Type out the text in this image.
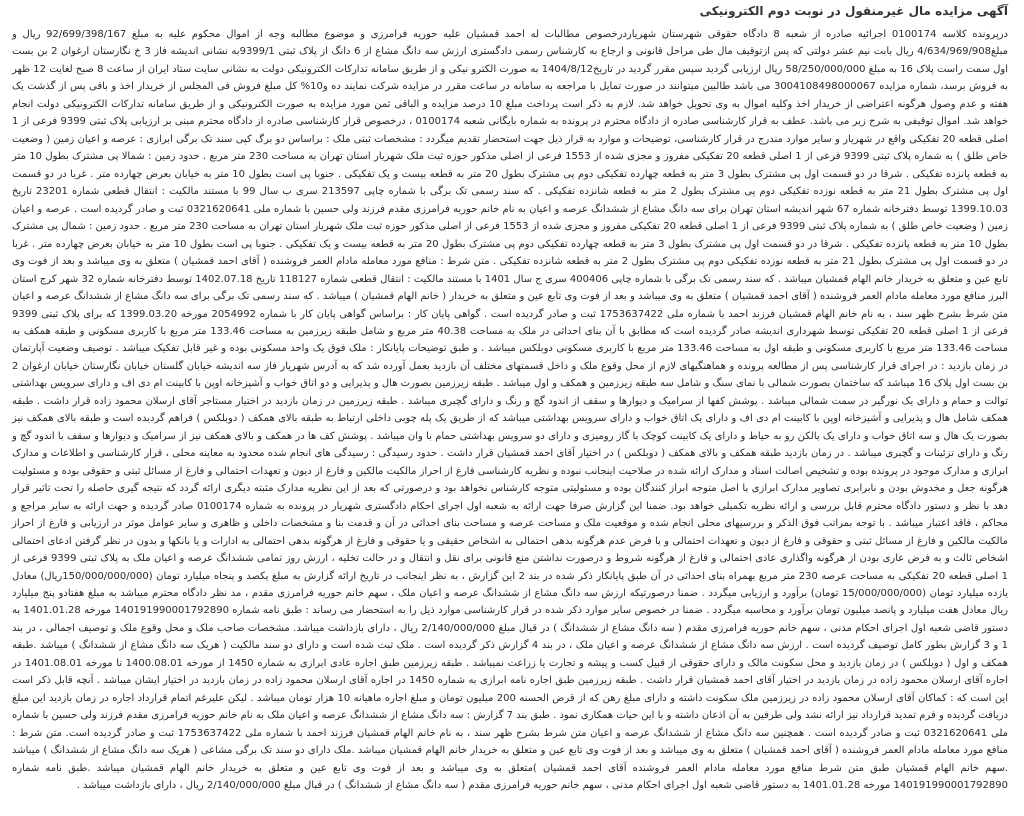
آگهی مزایده مال غیرمنقول در نوبت دوم الکترونیکی
درپرونده کلاسه 0100174 اجرائیه صادره از شعبه 8 دادگاه حقوقی شهرستان شهریاردرخصوص مطالبات له احمد قمشیان علیه حوریه فرامرزی و موضوع مطالبه وجه از اموال محکوم علیه به مبلغ 92/699/398/167 ریال و مبلغ4/634/969/908 ریال بابت نیم عشر دولتی که پس ازتوقیف مال طی مراحل قانونی و ارجاع به کارشناس رسمی دادگستری ارزش سه دانگ مشاع از 6 دانگ از پلاک ثبتی 9399/1به نشانی اندیشه فاز 3 خ نگارستان ارغوان 2 بن بست اول سمت راست پلاک 16 به مبلغ 58/250/000/000 ریال ارزیابی گردید سپس مقرر گردید در تاریخ1404/8/12 به صورت الکترو نیکی و از طریق سامانه تدارکات الکترونیکی دولت به نشانی سایت ستاد ایران از ساعت 8 صبح لغایت 12 ظهر به فروش برسد، شماره مزایده 3004108498000067 می باشد طالبین میتوانند در صورت تمایل با مراجعه به سامانه در ساعت مقرر در مزایده شرکت نمایند ده و10% کل مبلغ فروش فی المجلس از خریدار اخذ و باقی پس از گذشت یک هفته و عدم وصول هرگونه اعتراضی از خریدار اخذ وکلیه اموال به وی تحویل خواهد شد. لازم به ذکر است پرداخت مبلغ 10 درصد مزایده و الباقی ثمن مورد مزایده به صورت الکترونیکی و از طریق سامانه تدارکات الکترونیکی دولت انجام خواهد شد. اموال توقیفی به شرح زیر می باشد. عطف به قرار کارشناسی صادره از دادگاه محترم در پرونده به شماره بایگانی شعبه 0100174 ، درخصوص قرار کارشناسی صادره از دادگاه محترم مبنی بر ارزیابی پلاک ثبتی 9399 فرعی از 1 اصلی قطعه 20 تفکیکی واقع در شهریار و سایر موارد مندرج در قرار کارشناسی، توضیحات و موارد به قرار ذیل جهت استحضار تقدیم میگردد : مشخصات ثبتی ملک : براساس دو برگ کپی سند تک برگی ابرازی : عرصه و اعیان زمین ( وضعیت خاص طلق ) به شماره پلاک ثبتی 9399 فرعی از 1 اصلی قطعه 20 تفکیکی مفروز و مجزی شده از 1553 فرعی از اصلی مذکور حوزه ثبت ملک شهریار استان تهران به مساحت 230 متر مربع . حدود زمین : شمالا پی مشترک بطول 10 متر به قطعه پانزده تفکیکی . شرقا در دو قسمت اول پی مشترک بطول 3 متر به قطعه چهارده تفکیکی دوم پی مشترک بطول 20 متر به قطعه بیست و یک تفکیکی . جنوبا پی است بطول 10 متر به خیابان بعرض چهارده متر . غربا در دو قسمت اول پی مشترک بطول 21 متر به قطعه نوزده تفکیکی دوم پی مشترک بطول 2 متر به قطعه شانزده تفکیکی . که سند رسمی تک برگی با شماره چاپی 213597 سری ب سال 99 با مستند مالکیت : انتقال قطعی شماره 23201 تاریخ 1399.10.03 توسط دفترخانه شماره 67 شهر اندیشه استان تهران برای سه دانگ مشاع از ششدانگ عرصه و اعیان به نام خانم حوریه فرامرزی مقدم فرزند ولی حسین با شماره ملی 0321620641 ثبت و صادر گردیده است . عرصه و اعیان زمین ( وضعیت خاص طلق ) به شماره پلاک ثبتی 9399 فرعی از 1 اصلی قطعه 20 تفکیکی مفروز و مجزی شده از 1553 فرعی از اصلی مذکور حوزه ثبت ملک شهریار استان تهران به مساحت 230 متر مربع . حدود زمین : شمال پی مشترک بطول 10 متر به قطعه پانزده تفکیکی . شرقا در دو قسمت اول پی مشترک بطول 3 متر به قطعه چهارده تفکیکی دوم پی مشترک بطول 20 متر به قطعه بیست و یک تفکیکی . جنوبا پی است بطول 10 متر به خیابان بعرض چهارده متر . غربا در دو قسمت اول پی مشترک بطول 21 متر به قطعه نوزده تفکیکی دوم پی مشترک بطول 2 متر به قطعه شانزده تفکیکی . متن شرط : منافع مورد معامله مادام العمر فروشنده ( آقای احمد قمشیان ) متعلق به وی میباشد و بعد از فوت وی تابع عین و متعلق به خریدار خانم الهام قمشیان میباشد . که سند رسمی تک برگی با شماره چاپی 400406 سری ج سال 1401 با مستند مالکیت : انتقال قطعی شماره 118127 تاریخ 1402.07.18 توسط دفترخانه شماره 32 شهر کرج استان البرز منافع مورد معامله مادام العمر فروشنده ( آقای احمد قمشیان ) متعلق به وی میباشد و بعد از فوت وی تابع عین و متعلق به خریدار ( خانم الهام قمشیان ) میباشد . که سند رسمی تک برگی برای سه دانگ مشاع از ششدانگ عرصه و اعیان متن شرط بشرح ظهر سند ، به نام خانم الهام قمشیان فرزند احمد با شماره ملی 1753637422 ثبت و صادر گردیده است . گواهی پایان کار : براساس گواهی پایان کار با شماره 2054992 مورخه 1399.03.20 که برای پلاک ثبتی 9399 فرعی از 1 اصلی قطعه 20 تفکیکی توسط شهرداری اندیشه صادر گردیده است که مطابق با آن بنای احداثی در ملک به مساحت 40.38 متر مربع و شامل طبقه زیرزمین به مساحت 133.46 متر مربع با کاربری مسکونی و طبقه همکف به مساحت 133.46 متر مربع با کاربری مسکونی و طبقه اول به مساحت 133.46 متر مربع با کاربری مسکونی دوبلکس میباشد . و طبق توضیحات پایانکار : ملک فوق یک واحد مسکونی بوده و غیر قابل تفکیک میباشد . توصیف وضعیت آپارتمان در زمان بازدید : در اجرای قرار کارشناسی پس از مطالعه پرونده و هماهنگیهای لازم از محل وقوع ملک و داخل قسمتهای مختلف آن بازدید بعمل آورده شد که به آدرس شهریار فاز سه اندیشه خیابان گلستان خیابان نگارستان خیابان ارغوان 2 بن بست اول پلاک 16 میباشد که ساختمان بصورت شمالی با نمای سنگ و شامل سه طبقه زیرزمین و همکف و اول میباشد . طبقه زیرزمین بصورت هال و پذیرایی و دو اتاق خواب و آشپزخانه اوپن با کابینت ام دی اف و دارای سرویس بهداشتی توالت و حمام و دارای یک نورگیر در سمت شمالی میباشد . پوشش کفها از سرامیک و دیوارها و سقف از اندود گچ و رنگ و دارای گچبری میباشد . طبقه زیرزمین در زمان بازدید در اختیار مستاجر آقای ارسلان محمود زاده قرار داشت . طبقه همکف شامل هال و پذیرایی و آشپزخانه اوپن با کابینت ام دی اف و دارای یک اتاق خواب و دارای سرویس بهداشتی میباشد که از طریق یک پله چوبی داخلی ارتباط به طبقه بالای همکف ( دوبلکس ) فراهم گردیده است و طبقه بالای همکف نیز بصورت یک هال و سه اتاق خواب و دارای یک بالکن رو به حیاط و دارای یک کابینت کوچک با گاز رومیزی و دارای دو سرویس بهداشتی حمام با وان میباشد . پوشش کف ها در همکف و بالای همکف نیز از سرامیک و دیوارها و سقف با اندود گچ و رنگ و دارای تزئینات و گچبری میباشد . در زمان بازدید طبقه همکف و بالای همکف ( دوبلکس ) در اختیار آقای احمد قمشیان قرار داشت . حدود رسیدگی : رسیدگی های انجام شده محدود به معاینه محلی ، قرار کارشناسی و اطلاعات و مدارک ابرازی و مدارک موجود در پرونده بوده و تشخیص اصالت اسناد و مدارک ارائه شده در صلاحیت اینجانب نبوده و نظریه کارشناسی فارغ از احراز مالکیت مالکین و فارغ از دیون و تعهدات احتمالی و فارغ از مسائل ثبتی و حقوقی بوده و مسئولیت هرگونه جعل و مخدوش بودن و نابرابری تصاویر مدارک ابرازی با اصل متوجه ابراز کنندگان بوده و مسئولیتی متوجه کارشناس نخواهد بود و درصورتی که بعد از این نظریه مدارک مثبته دیگری ارائه گردد که نتیجه گیری حاصله را تحت تاثیر قرار دهد با نظر و دستور دادگاه محترم قابل بررسی و ارائه نظریه تکمیلی خواهد بود. ضمنا این گزارش صرفا جهت ارائه به شعبه اول اجرای احکام دادگستری شهریار در پرونده به شماره 0100174 صادر گردیده و جهت ارائه به سایر مراجع و محاکم ، فاقد اعتبار میباشد . با توجه بمراتب فوق الذکر و بررسیهای محلی انجام شده و موقعیت ملک و مساحت عرصه و مساحت بنای احداثی در آن و قدمت بنا و مشخصات داخلی و ظاهری و سایر عوامل موثر در ارزیابی و فارغ از احراز مالکیت مالکین و فارغ از مسائل ثبتی و حقوقی و فارغ از دیون و تعهدات احتمالی و با فرض عدم هرگونه بدهی احتمالی به اشخاص حقیقی و یا حقوقی و فارغ از هرگونه بدهی احتمالی به ادارات و یا بانکها و بدون در نظر گرفتن ادعای احتمالی اشخاص ثالث و به فرض عاری بودن از هرگونه واگذاری عادی احتمالی و فارغ از هرگونه شروط و درصورت نداشتن منع قانونی برای نقل و انتقال و در حالت تخلیه ، ارزش روز تمامی ششدانگ عرصه و اعیان ملک به پلاک ثبتی 9399 فرعی از 1 اصلی قطعه 20 تفکیکی به مساحت عرصه 230 متر مربع بهمراه بنای احداثی در آن طبق پایانکار ذکر شده در بند 2 این گزارش ، به نظر اینجانب در تاریخ ارائه گزارش به مبلغ یکصد و پنجاه میلیارد تومان (150/000/000/000ریال) معادل یازده میلیارد تومان (15/000/000/000 تومان) برآورد و ارزیابی میگردد . ضمنا درصورتیکه ارزش سه دانگ مشاع از ششدانگ عرصه و اعیان ملک ، سهم خانم حوریه فرامرزی مقدم ، مد نظر دادگاه محترم میباشد به مبلغ هفتادو پنج میلیارد ریال معادل هفت میلیارد و پانصد میلیون تومان برآورد و محاسبه میگردد . ضمنا در خصوص سایر موارد ذکر شده در قرار کارشناسی موارد ذیل را به استحضار می رساند : طبق نامه شماره 140191990001792890 مورخه 1401.01.28 به دستور قاضی شعبه اول اجرای احکام مدنی ، سهم خانم حوریه فرامرزی مقدم ( سه دانگ مشاع از ششدانگ ) در قبال مبلغ 2/140/000/000 ریال ، دارای بازداشت میباشد. مشخصات صاحب ملک و محل وقوع ملک و توصیف اجمالی ، در بند 1 و 3 گزارش بطور کامل توصیف گردیده است . ارزش سه دانگ مشاع از ششدانگ عرصه و اعیان ملک ، در بند 4 گزارش ذکر گردیده است . ملک ثبت شده است و دارای دو سند مالکیت ( هریک سه دانگ مشاع از ششدانگ ) میباشد .طبقه همکف و اول ( دوبلکس ) در زمان بازدید و محل سکونت مالک و دارای حقوقی از قبیل کسب و پیشه و تجارت یا زراعت نمیباشد . طبقه زیرزمین طبق اجاره عادی ابرازی به شماره 1450 از مورخه 1400.08.01 تا مورخه 1401.08.01 در اجاره آقای ارسلان محمود زاده در زمان بازدید در اختیار آقای احمد قمشیان قرار داشت . طبقه زیرزمین طبق اجاره نامه ابرازی به شماره 1450 در اجاره آقای ارسلان محمود زاده در زمان بازدید در اختیار ایشان میباشد . آنچه قابل ذکر است این است که : کماکان آقای ارسلان محمود زاده در زیرزمین ملک سکونت داشته و دارای مبلغ رهن که از قرض الحسنه 200 میلیون تومان و مبلغ اجاره ماهیانه 10 هزار تومان میباشد . لیکن علیرغم اتمام قرارداد اجاره در زمان بازدید این مبلغ دریافت گردیده و فرم تمدید قرارداد نیز ارائه نشد ولی طرفین به آن اذعان داشته و با این حیات همکاری نمود . طبق بند 7 گزارش : سه دانگ مشاع از ششدانگ عرصه و اعیان ملک به نام خانم حوریه فرامرزی مقدم فرزند ولی حسین با شماره ملی 0321620641 ثبت و صادر گردیده است . همچنین سه دانگ مشاع از ششدانگ عرصه و اعیان متن شرط بشرح ظهر سند ، به نام خانم الهام قمشیان فرزند احمد با شماره ملی 1753637422 ثبت و صادر گردیده است. متن شرط : منافع مورد معامله مادام العمر فروشنده ( آقای احمد قمشیان ) متعلق به وی میباشد و بعد از فوت وی تابع عین و متعلق به خریدار خانم الهام قمشیان میباشد .ملک دارای دو سند تک برگی مشاعی ( هریک سه دانگ مشاع از ششدانگ ) میباشد .سهم خانم الهام قمشیان طبق متن شرط منافع مورد معامله مادام العمر فروشنده آقای احمد قمشیان )متعلق به وی میباشد و بعد از فوت وی تابع عین و متعلق به خریدار خانم الهام قمشیان میباشد .طبق نامه شماره 140191990001792890 مورخه 1401.01.28 به دستور قاضی شعبه اول اجرای احکام مدنی ، سهم خانم حوریه فرامرزی مقدم ( سه دانگ مشاع از ششدانگ ) در قبال مبلغ 2/140/000/000 ریال ، دارای بازداشت میباشد .
